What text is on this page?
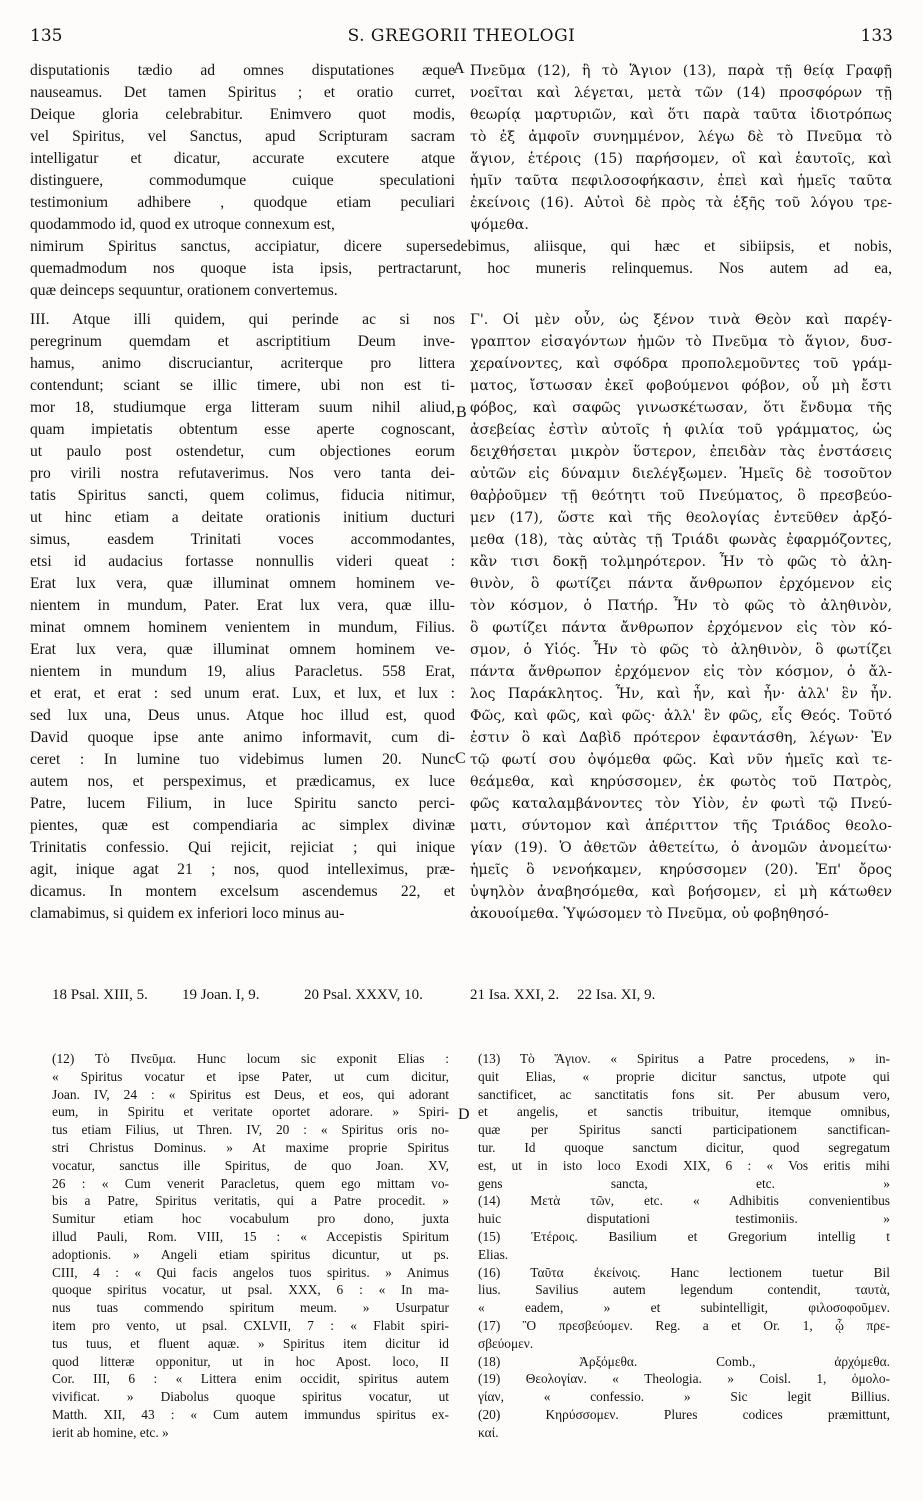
135	S. GREGORII THEOLOGI	133

disputationis tædio ad omnes disputationes æque

nauseamus. Det tamen Spiritus ; et oratio curret,

Deique gloria celebrabitur. Enimvero quot modis,

vel Spiritus, vel Sanctus, apud Scripturam sacram

intelligatur et dicatur, accurate excutere atque

distinguere, commodumque cuique speculationi

testimonium adhibere , quodque etiam peculiari

quodammodo id, quod ex utroque connexum est,

Πνεῦμα (12), ἢ τὸ Ἅγιον (13), παρὰ τῇ θείᾳ Γραφῇ

νοεῖται καὶ λέγεται, μετὰ τῶν (14) προσφόρων τῇ

θεωρίᾳ μαρτυριῶν, καὶ ὅτι παρὰ ταῦτα ἰδιοτρόπως

τὸ ἐξ ἀμφοῖν συνημμένον, λέγω δὲ τὸ Πνεῦμα τὸ

ἅγιον, ἑτέροις (15) παρήσομεν, οἳ καὶ ἑαυτοῖς, καὶ

ἡμῖν ταῦτα πεφιλοσοφήκασιν, ἐπεὶ καὶ ἡμεῖς ταῦτα

ἐκείνοις (16). Αὐτοὶ δὲ πρὸς τὰ ἑξῆς τοῦ λόγου τρε-

ψόμεθα.

nimirum Spiritus sanctus, accipiatur, dicere supersedebimus, aliisque, qui hæc et sibiipsis, et nobis,

quemadmodum nos quoque ista ipsis, pertractarunt, hoc muneris relinquemus. Nos autem ad ea,

quæ deinceps sequuntur, orationem convertemus.

III. Atque illi quidem, qui perinde ac si nos

peregrinum quemdam et ascriptitium Deum inve-

hamus, animo discruciantur, acriterque pro littera

contendunt; sciant se illic timere, ubi non est ti-

mor 18, studiumque erga litteram suum nihil aliud,

quam impietatis obtentum esse aperte cognoscant,

ut paulo post ostendetur, cum objectiones eorum

pro virili nostra refutaverimus. Nos vero tanta dei-

tatis Spiritus sancti, quem colimus, fiducia nitimur,

ut hinc etiam a deitate orationis initium ducturi

simus, easdem Trinitati voces accommodantes,

etsi id audacius fortasse nonnullis videri queat :

Erat lux vera, quæ illuminat omnem hominem ve-

nientem in mundum, Pater. Erat lux vera, quæ illu-

minat omnem hominem venientem in mundum, Filius.

Erat lux vera, quæ illuminat omnem hominem ve-

nientem in mundum 19, alius Paracletus. 558 Erat,

et erat, et erat : sed unum erat. Lux, et lux, et lux :

sed lux una, Deus unus. Atque hoc illud est, quod

David quoque ipse ante animo informavit, cum di-

ceret : In lumine tuo videbimus lumen 20. Nunc

autem nos, et perspeximus, et prædicamus, ex luce

Patre, lucem Filium, in luce Spiritu sancto perci-

pientes, quæ est compendiaria ac simplex divinæ

Trinitatis confessio. Qui rejicit, rejiciat ; qui inique

agit, inique agat 21 ; nos, quod intelleximus, præ-

dicamus. In montem excelsum ascendemus 22, et

clamabimus, si quidem ex inferiori loco minus au-

Γ'. Οἱ μὲν οὖν, ὡς ξένον τινὰ Θεὸν καὶ παρέγ-

γραπτον εἰσαγόντων ἡμῶν τὸ Πνεῦμα τὸ ἅγιον, δυσ-

χεραίνοντες, καὶ σφόδρα προπολεμοῦντες τοῦ γράμ-

ματος, ἴστωσαν ἐκεῖ φοβούμενοι φόβον, οὗ μὴ ἔστι

φόβος, καὶ σαφῶς γινωσκέτωσαν, ὅτι ἔνδυμα τῆς

ἀσεβείας ἐστὶν αὐτοῖς ἡ φιλία τοῦ γράμματος, ὡς

δειχθήσεται μικρὸν ὕστερον, ἐπειδὰν τὰς ἐνστάσεις

αὐτῶν εἰς δύναμιν διελέγξωμεν. Ἡμεῖς δὲ τοσοῦτον

θαῤῥοῦμεν τῇ θεότητι τοῦ Πνεύματος, ὃ πρεσβεύο-

μεν (17), ὥστε καὶ τῆς θεολογίας ἐντεῦθεν ἀρξό-

μεθα (18), τὰς αὐτὰς τῇ Τριάδι φωνὰς ἐφαρμόζοντες,

κἂν τισι δοκῇ τολμηρότερον. Ἦν τὸ φῶς τὸ ἀλη-

θινὸν, ὃ φωτίζει πάντα ἄνθρωπον ἐρχόμενον εἰς

τὸν κόσμον, ὁ Πατήρ. Ἦν τὸ φῶς τὸ ἀληθινὸν,

ὃ φωτίζει πάντα ἄνθρωπον ἐρχόμενον εἰς τὸν κό-

σμον, ὁ Υἱός. Ἦν τὸ φῶς τὸ ἀληθινὸν, ὃ φωτίζει

πάντα ἄνθρωπον ἐρχόμενον εἰς τὸν κόσμον, ὁ ἄλ-

λος Παράκλητος. Ἦν, καὶ ἦν, καὶ ἦν· ἀλλ' ἓν ἦν.

Φῶς, καὶ φῶς, καὶ φῶς· ἀλλ' ἓν φῶς, εἷς Θεός. Τοῦτό

ἐστιν ὃ καὶ Δαβὶδ πρότερον ἐφαντάσθη, λέγων· Ἐν

τῷ φωτί σου ὀψόμεθα φῶς. Καὶ νῦν ἡμεῖς καὶ τε-

θεάμεθα, καὶ κηρύσσομεν, ἐκ φωτὸς τοῦ Πατρὸς,

φῶς καταλαμβάνοντες τὸν Υἱὸν, ἐν φωτὶ τῷ Πνεύ-

ματι, σύντομον καὶ ἀπέριττον τῆς Τριάδος θεολο-

γίαν (19). Ὁ ἀθετῶν ἀθετείτω, ὁ ἀνομῶν ἀνομείτω·

ἡμεῖς ὃ νενοήκαμεν, κηρύσσομεν (20). Ἐπ' ὄρος

ὑψηλὸν ἀναβησόμεθα, καὶ βοήσομεν, εἰ μὴ κάτωθεν

ἀκουοίμεθα. Ὑψώσομεν τὸ Πνεῦμα, οὐ φοβηθησό-

A
B
C
D
18 Psal. XIII, 5. 19 Joan. I, 9.	20 Psal. XXXV, 10.	21 Isa. XXI, 2. 22 Isa. XI, 9.

(12) Τὸ Πνεῦμα. Hunc locum sic exponit Elias :

« Spiritus vocatur et ipse Pater, ut cum dicitur,

Joan. IV, 24 : « Spiritus est Deus, et eos, qui adorant

eum, in Spiritu et veritate oportet adorare. » Spiri-

tus etiam Filius, ut Thren. IV, 20 : « Spiritus oris no-

stri Christus Dominus. » At maxime proprie Spiritus

vocatur, sanctus ille Spiritus, de quo Joan. XV,

26 : « Cum venerit Paracletus, quem ego mittam vo-

bis a Patre, Spiritus veritatis, qui a Patre procedit. »

Sumitur etiam hoc vocabulum pro dono, juxta

illud Pauli, Rom. VIII, 15 : « Accepistis Spiritum

adoptionis. » Angeli etiam spiritus dicuntur, ut ps.

CIII, 4 : « Qui facis angelos tuos spiritus. » Animus

quoque spiritus vocatur, ut psal. XXX, 6 : « In ma-

nus tuas commendo spiritum meum. » Usurpatur

item pro vento, ut psal. CXLVII, 7 : « Flabit spiri-

tus tuus, et fluent aquæ. » Spiritus item dicitur id

quod litteræ opponitur, ut in hoc Apost. loco, II

Cor. III, 6 : « Littera enim occidit, spiritus autem

vivificat. » Diabolus quoque spiritus vocatur, ut

Matth. XII, 43 : « Cum autem immundus spiritus ex-

ierit ab homine, etc. »

(13) Τὸ Ἅγιον. « Spiritus a Patre procedens, » in-

quit Elias, « proprie dicitur sanctus, utpote qui

sanctificet, ac sanctitatis fons sit. Per abusum vero,

et angelis, et sanctis tribuitur, itemque omnibus,

quæ per Spiritus sancti participationem sanctifican-

tur. Id quoque sanctum dicitur, quod segregatum

est, ut in isto loco Exodi XIX, 6 : « Vos eritis mihi

gens sancta, etc. »

(14) Μετὰ τῶν, etc. « Adhibitis convenientibus

huic disputationi testimoniis. »

(15) Ἑτέροις. Basilium et Gregorium intellig t

Elias.

(16) Ταῦτα ἐκείνοις. Hanc lectionem tuetur Bil

lius. Savilius autem legendum contendit, ταυτὰ,

« eadem, » et subintelligit, φιλοσοφοῦμεν.

(17) Ὃ πρεσβεύομεν. Reg. a et Or. 1, ᾧ πρε-

σβεύομεν.

(18) Ἀρξόμεθα. Comb., ἀρχόμεθα.

(19) Θεολογίαν. « Theologia. » Coisl. 1, ὁμολο-

γίαν, « confessio. » Sic legit Billius.

(20) Κηρύσσομεν. Plures codices præmittunt,

καί.
